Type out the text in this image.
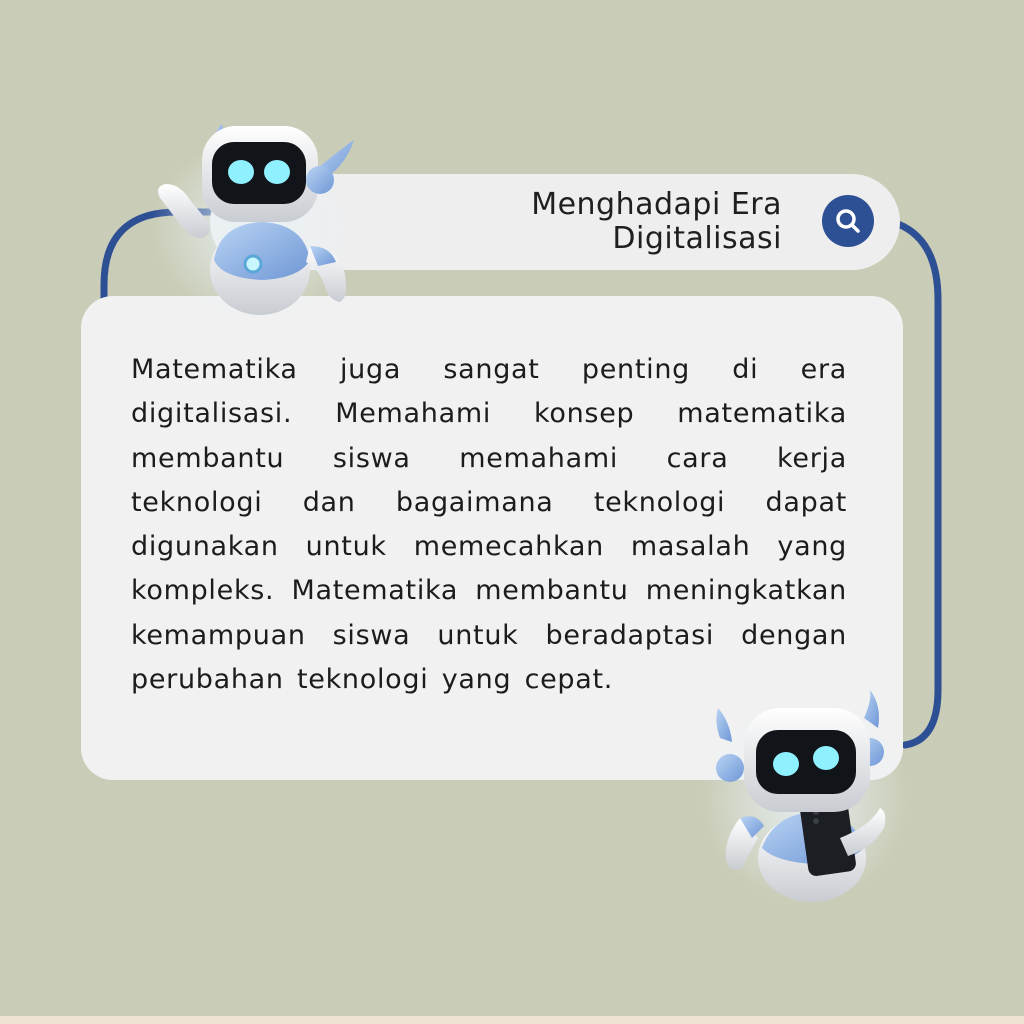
Menghadapi Era
Digitalisasi

Matematika juga sangat penting di era digitalisasi. Memahami konsep matematika membantu siswa memahami cara kerja teknologi dan bagaimana teknologi dapat digunakan untuk memecahkan masalah yang kompleks. Matematika membantu meningkatkan kemampuan siswa untuk beradaptasi dengan perubahan teknologi yang cepat.
